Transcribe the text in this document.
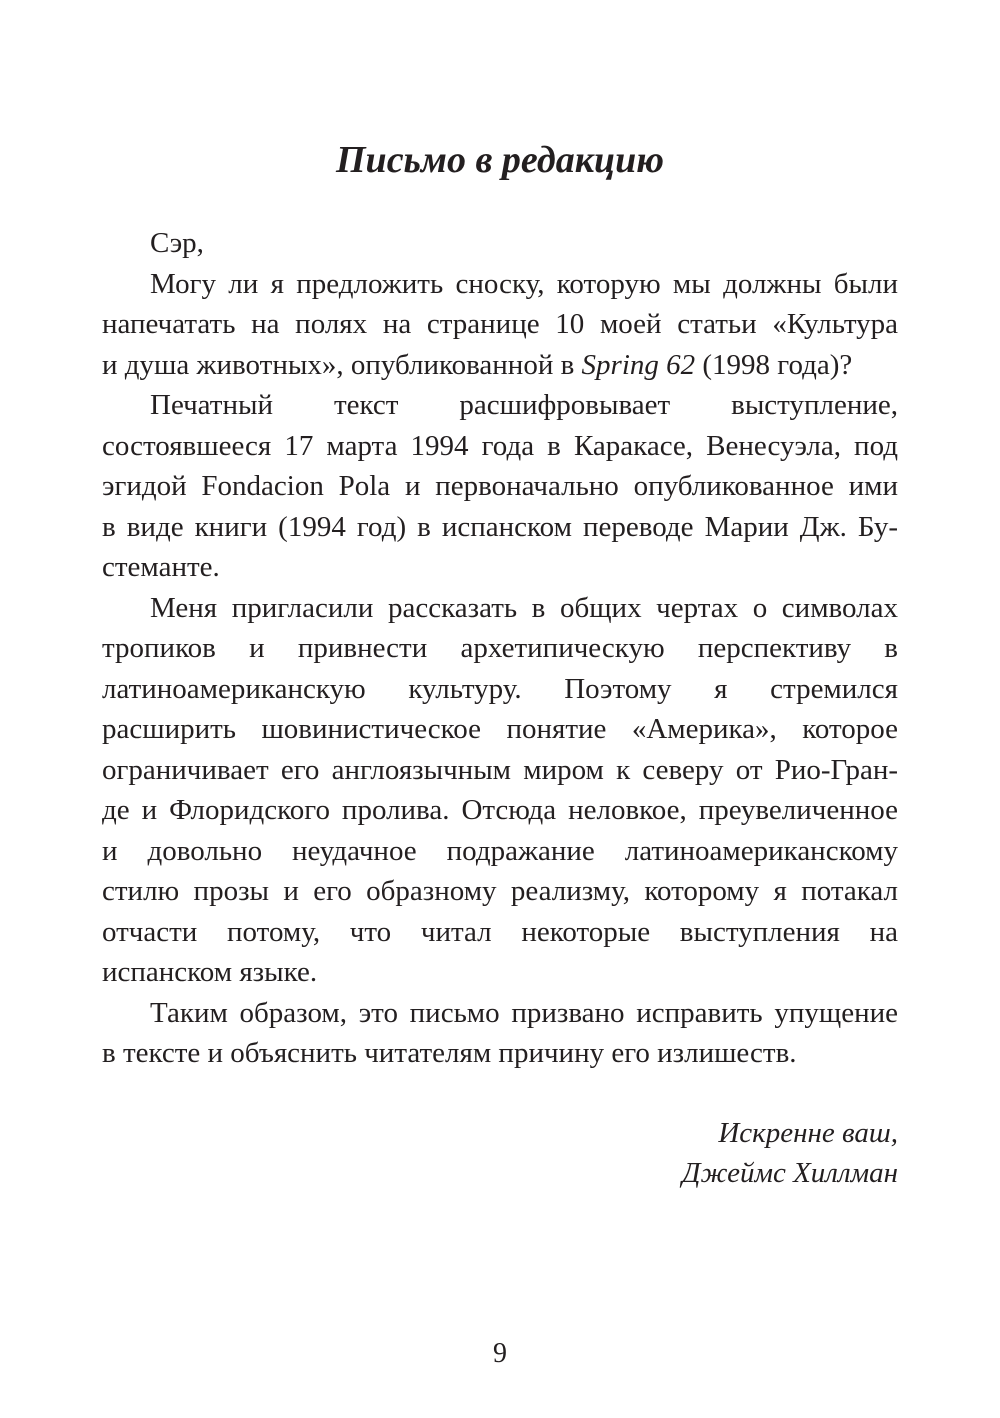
Письмо в редакцию
Сэр,
Могу ли я предложить сноску, которую мы должны были
напечатать на полях на странице 10 моей статьи «Культура
и душа животных», опубликованной в Spring 62 (1998 года)?
Печатный текст расшифровывает выступление,
состоявшееся 17 марта 1994 года в Каракасе, Венесуэла, под
эгидой Fondacion Pola и первоначально опубликованное ими
в виде книги (1994 год) в испанском переводе Марии Дж. Бу-
стеманте.
Меня пригласили рассказать в общих чертах о символах
тропиков и привнести архетипическую перспективу в
латиноамериканскую культуру. Поэтому я стремился
расширить шовинистическое понятие «Америка», которое
ограничивает его англоязычным миром к северу от Рио-Гран-
де и Флоридского пролива. Отсюда неловкое, преувеличенное
и довольно неудачное подражание латиноамериканскому
стилю прозы и его образному реализму, которому я потакал
отчасти потому, что читал некоторые выступления на
испанском языке.
Таким образом, это письмо призвано исправить упущение
в тексте и объяснить читателям причину его излишеств.
Искренне ваш,
Джеймс Хиллман
9
